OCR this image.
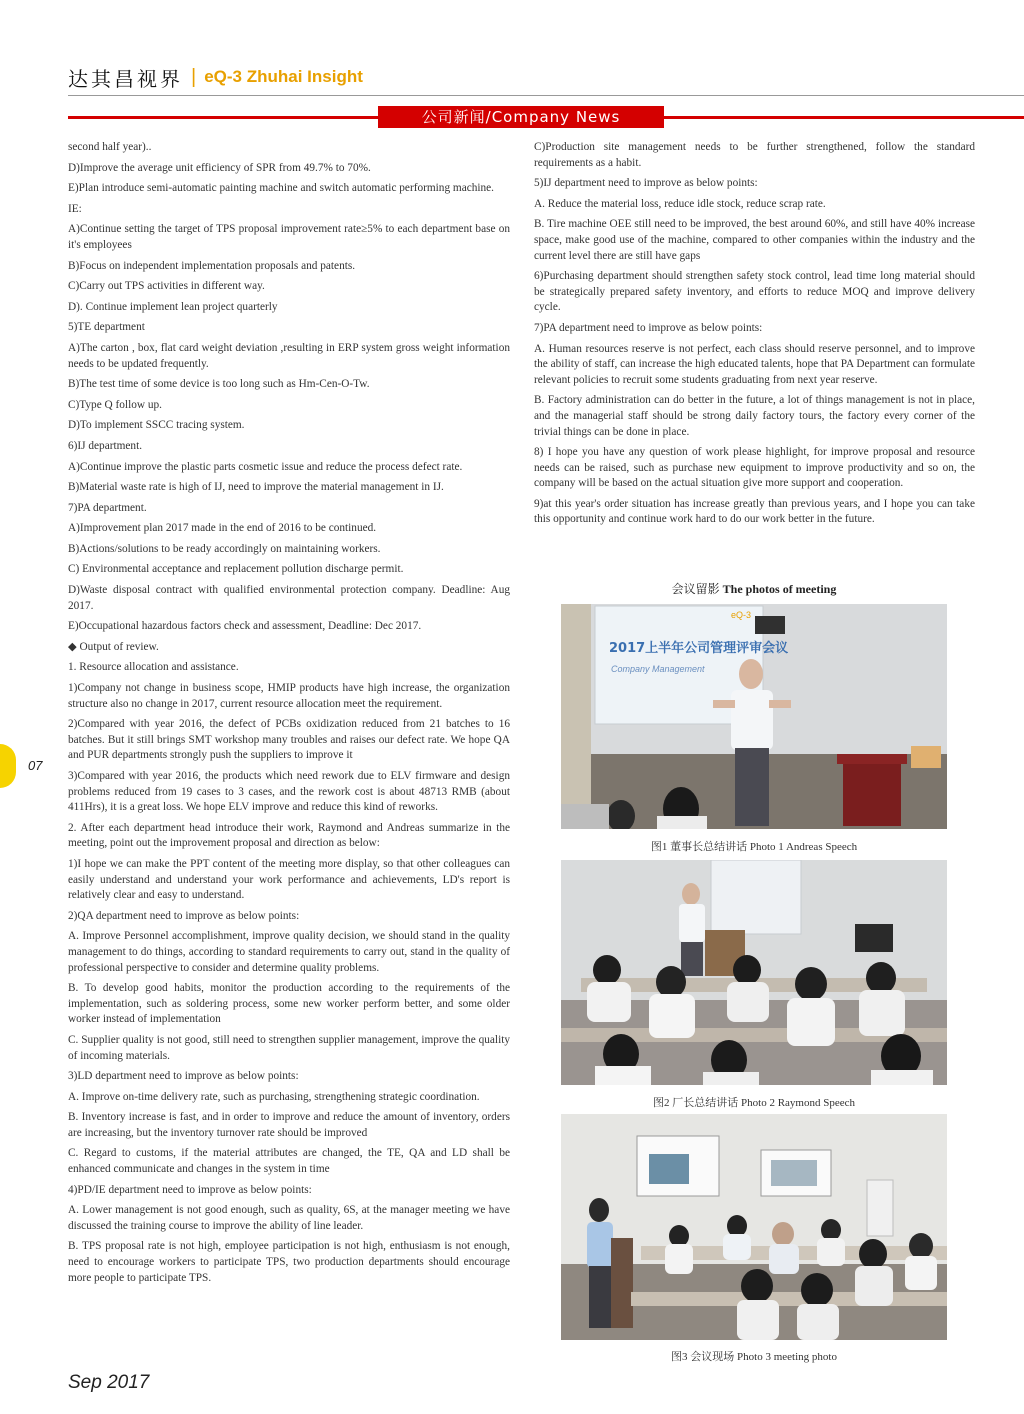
达其昌视界 | eQ-3 Zhuhai Insight
公司新闻/Company News

second half year)..

D)Improve the average unit efficiency of SPR from 49.7% to 70%.

E)Plan introduce semi-automatic painting machine and switch automatic performing machine.

IE:

A)Continue setting the target of TPS proposal improvement rate≥5% to each department base on it's employees

B)Focus on independent implementation proposals and patents.

C)Carry out TPS activities in different way.

D). Continue implement lean project quarterly

5)TE department

A)The carton , box, flat card weight deviation ,resulting in ERP system gross weight information needs to be updated frequently.

B)The test time of some device is too long such as Hm-Cen-O-Tw.

C)Type Q follow up.

D)To implement SSCC tracing system.

6)IJ department.

A)Continue improve the plastic parts cosmetic issue and reduce the process defect rate.

B)Material waste rate is high of IJ, need to improve the material management in IJ.

7)PA department.

A)Improvement plan 2017 made in the end of 2016 to be continued.

B)Actions/solutions to be ready accordingly on maintaining workers.

C) Environmental acceptance and replacement pollution discharge permit.

D)Waste disposal contract with qualified environmental protection company. Deadline: Aug 2017.

E)Occupational hazardous factors check and assessment, Deadline: Dec 2017.

◆ Output of review.

1. Resource allocation and assistance.

1)Company not change in business scope, HMIP products have high increase, the organization structure also no change in 2017, current resource allocation meet the requirement.

2)Compared with year 2016, the defect of PCBs oxidization reduced from 21 batches to 16 batches. But it still brings SMT workshop many troubles and raises our defect rate. We hope QA and PUR departments strongly push the suppliers to improve it

3)Compared with year 2016, the products which need rework due to ELV firmware and design problems reduced from 19 cases to 3 cases, and the rework cost is about 48713 RMB (about 411Hrs), it is a great loss. We hope ELV improve and reduce this kind of reworks.

2. After each department head introduce their work, Raymond and Andreas summarize in the meeting, point out the improvement proposal and direction as below:

1)I hope we can make the PPT content of the meeting more display, so that other colleagues can easily understand and understand your work performance and achievements, LD's report is relatively clear and easy to understand.

2)QA department need to improve as below points:

A. Improve Personnel accomplishment, improve quality decision, we should stand in the quality management to do things, according to standard requirements to carry out, stand in the quality of professional perspective to consider and determine quality problems.

B. To develop good habits, monitor the production according to the requirements of the implementation, such as soldering process, some new worker perform better, and some older worker instead of implementation

C. Supplier quality is not good, still need to strengthen supplier management, improve the quality of incoming materials.

3)LD department need to improve as below points:

A. Improve on-time delivery rate, such as purchasing, strengthening strategic coordination.

B. Inventory increase is fast, and in order to improve and reduce the amount of inventory, orders are increasing, but the inventory turnover rate should be improved

C. Regard to customs, if the material attributes are changed, the TE, QA and LD shall be enhanced communicate and changes in the system in time

4)PD/IE department need to improve as below points:

A. Lower management is not good enough, such as quality, 6S, at the manager meeting we have discussed the training course to improve the ability of line leader.

B. TPS proposal rate is not high, employee participation is not high, enthusiasm is not enough, need to encourage workers to participate TPS, two production departments should encourage more people to participate TPS.

C)Production site management needs to be further strengthened, follow the standard requirements as a habit.

5)IJ department need to improve as below points:

A. Reduce the material loss, reduce idle stock, reduce scrap rate.

B. Tire machine OEE still need to be improved, the best around 60%, and still have 40% increase space, make good use of the machine, compared to other companies within the industry and the current level there are still have gaps

6)Purchasing department should strengthen safety stock control, lead time long material should be strategically prepared safety inventory, and efforts to reduce MOQ and improve delivery cycle.

7)PA department need to improve as below points:

A. Human resources reserve is not perfect, each class should reserve personnel, and to improve the ability of staff, can increase the high educated talents, hope that PA Department can formulate relevant policies to recruit some students graduating from next year reserve.

B. Factory administration can do better in the future, a lot of things management is not in place, and the managerial staff should be strong daily factory tours, the factory every corner of the trivial things can be done in place.

8) I hope you have any question of work please highlight, for improve proposal and resource needs can be raised, such as purchase new equipment to improve productivity and so on, the company will be based on the actual situation give more support and cooperation.

9)at this year's order situation has increase greatly than previous years, and I hope you can take this opportunity and continue work hard to do our work better in the future.

会议留影 The photos of meeting
2017上半年公司管理评审会议
Company Management
eQ-3
图1 董事长总结讲话 Photo 1 Andreas Speech
图2 厂长总结讲话 Photo 2 Raymond Speech
图3 会议现场 Photo 3 meeting photo
07
Sep 2017
